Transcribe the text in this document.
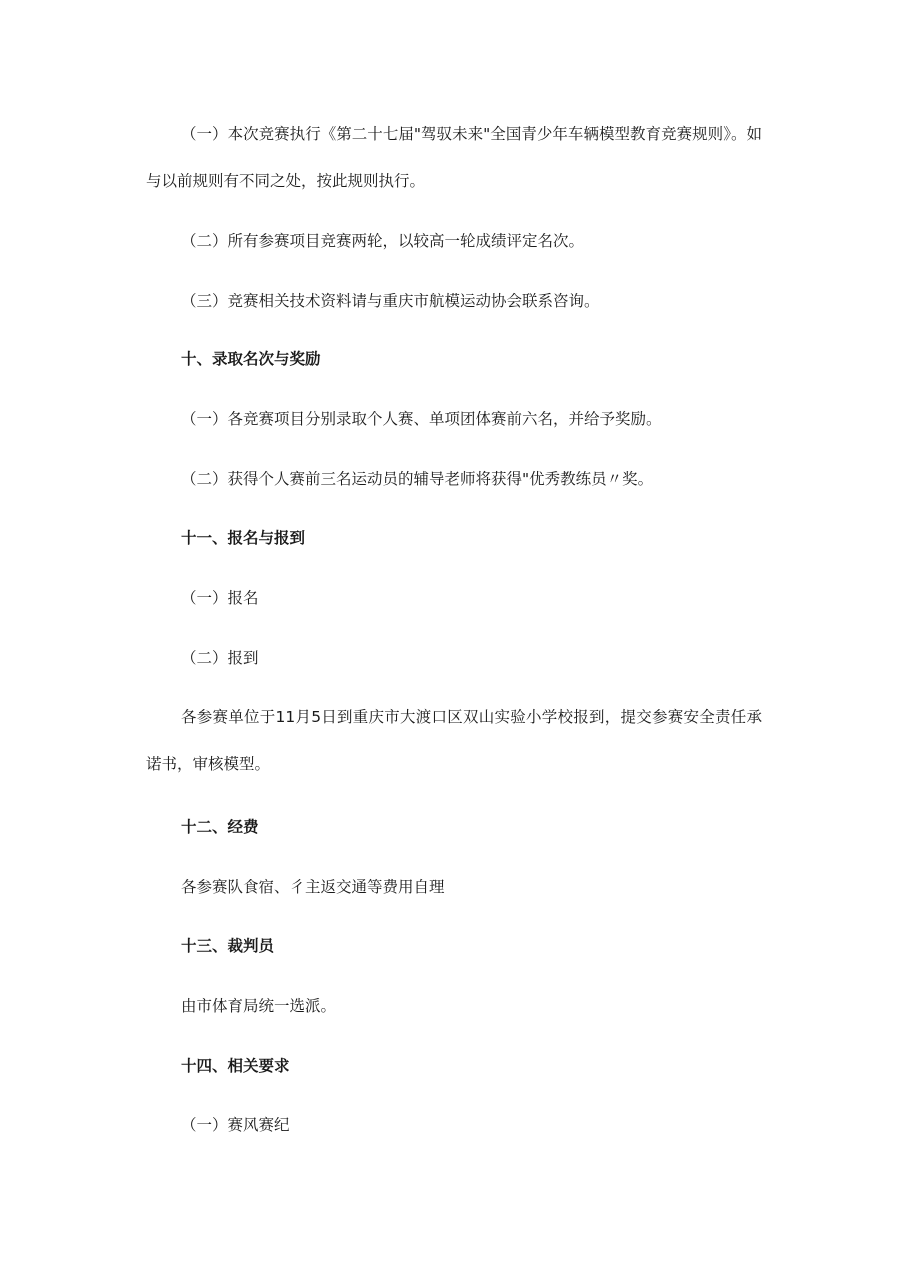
（一）本次竞赛执行《第二十七届"驾驭未来"全国青少年车辆模型教育竞赛规则》。如与以前规则有不同之处，按此规则执行。

（二）所有参赛项目竞赛两轮，以较高一轮成绩评定名次。

（三）竞赛相关技术资料请与重庆市航模运动协会联系咨询。

十、录取名次与奖励

（一）各竞赛项目分别录取个人赛、单项团体赛前六名，并给予奖励。

（二）获得个人赛前三名运动员的辅导老师将获得"优秀教练员〃奖。

十一、报名与报到

（一）报名

（二）报到

各参赛单位于11月5日到重庆市大渡口区双山实验小学校报到，提交参赛安全责任承诺书，审核模型。

十二、经费

各参赛队食宿、彳主返交通等费用自理

十三、裁判员

由市体育局统一选派。

十四、相关要求

（一）赛风赛纪
